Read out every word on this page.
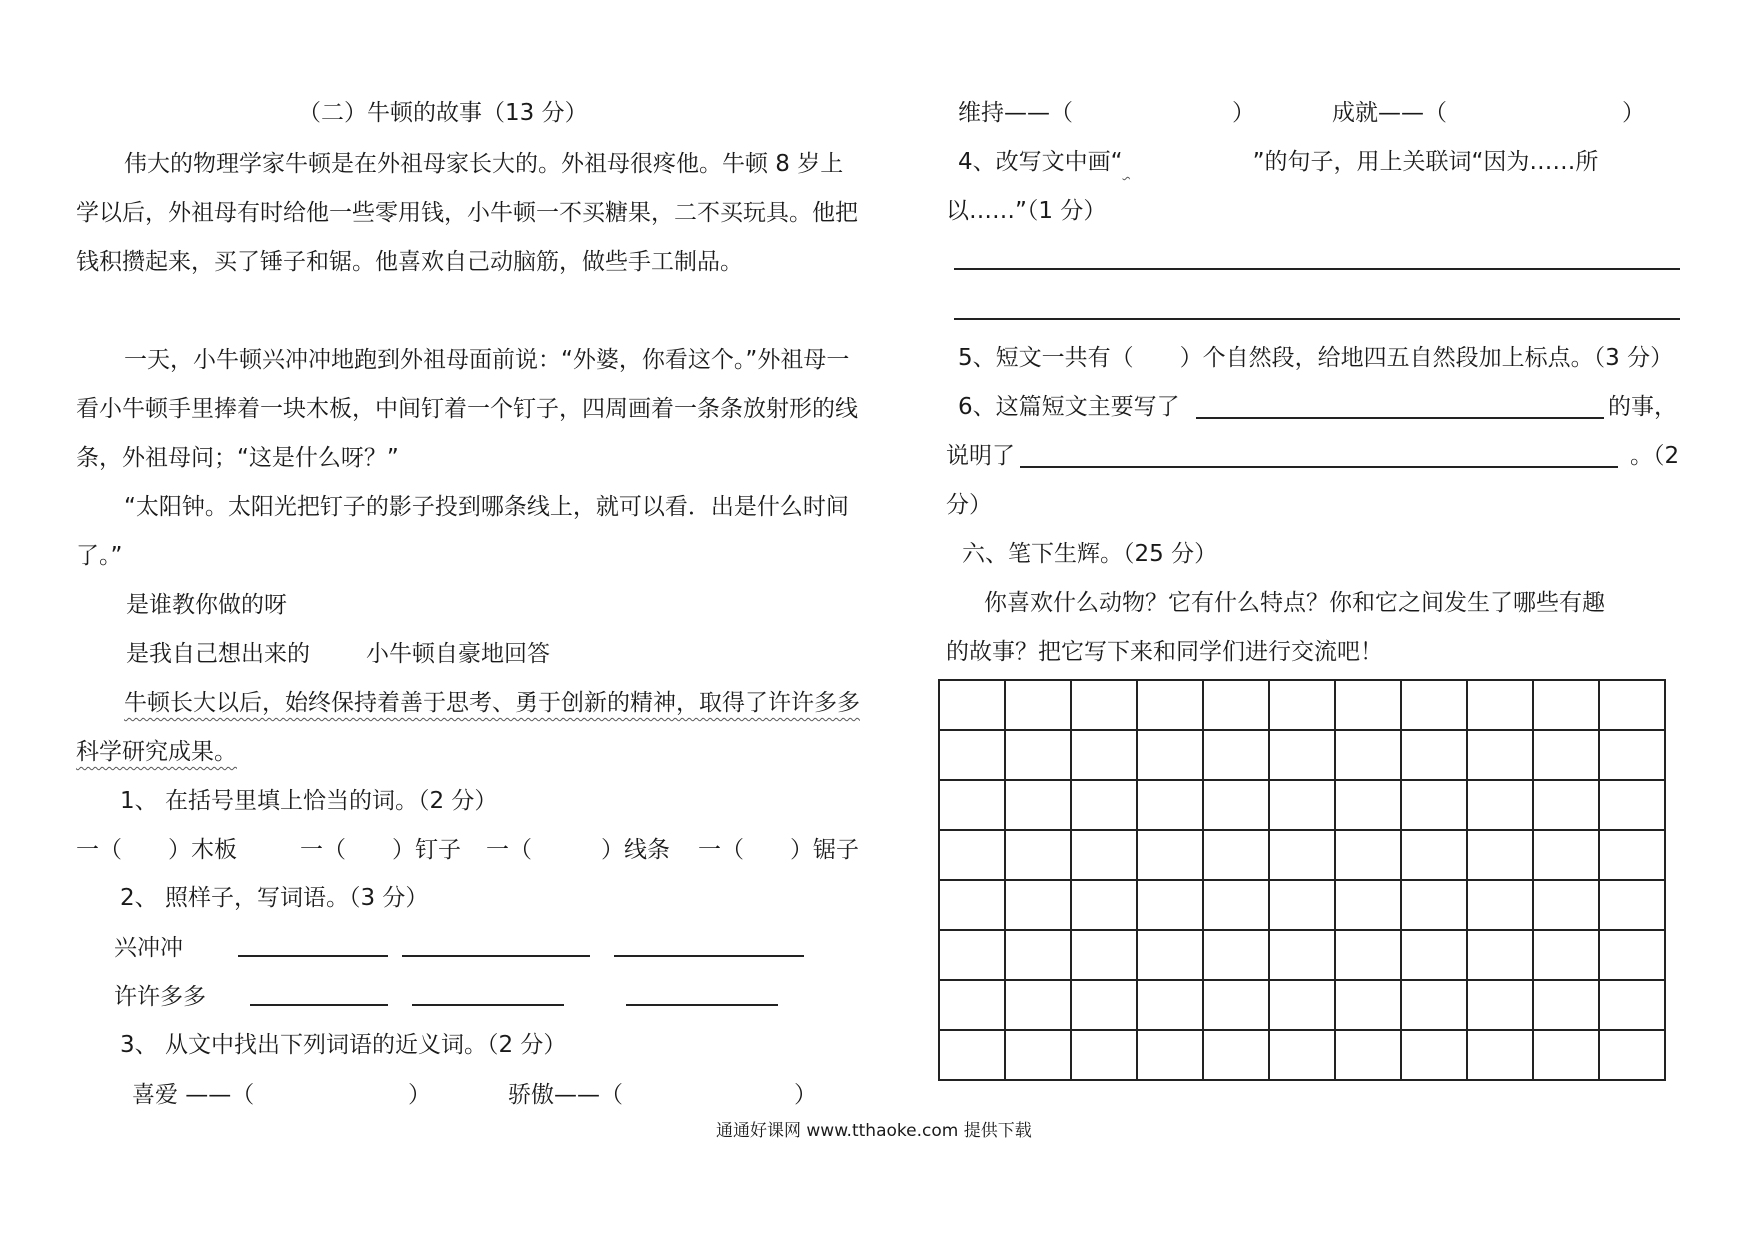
（二）牛顿的故事（13 分）

伟大的物理学家牛顿是在外祖母家长大的。外祖母很疼他。牛顿 8 岁上学以后，外祖母有时给他一些零用钱，小牛顿一不买糖果，二不买玩具。他把钱积攒起来，买了锤子和锯。他喜欢自己动脑筋，做些手工制品。

一天，小牛顿兴冲冲地跑到外祖母面前说：“外婆，你看这个。”外祖母一看小牛顿手里捧着一块木板，中间钉着一个钉子，四周画着一条条放射形的线条，外祖母问；“这是什么呀？”

“太阳钟。太阳光把钉子的影子投到哪条线上，就可以看．出是什么时间了。”

是谁教你做的呀
是我自己想出来的 小牛顿自豪地回答

牛顿长大以后，始终保持着善于思考、勇于创新的精神，取得了许许多多科学研究成果。

1、 在括号里填上恰当的词。（2 分）
一（　　）木板	一（　　）钉子 一（　　　）线条 一（　　）锯子
2、 照样子，写词语。（3 分）
兴冲冲
许许多多
3、 从文中找出下列词语的近义词。（2 分）
喜爱 ——（	）	骄傲——（	）
维持——（	）	成就——（	）
4、改写文中画“	”的句子，用上关联词“因为……所
以……”（1 分）
5、短文一共有（　　）个自然段，给地四五自然段加上标点。（3 分）
6、这篇短文主要写了	的事，
说明了	。（2
分）
六、笔下生辉。（25 分）
你喜欢什么动物？它有什么特点？你和它之间发生了哪些有趣
的故事？把它写下来和同学们进行交流吧！

通通好课网 www.tthaoke.com 提供下载
